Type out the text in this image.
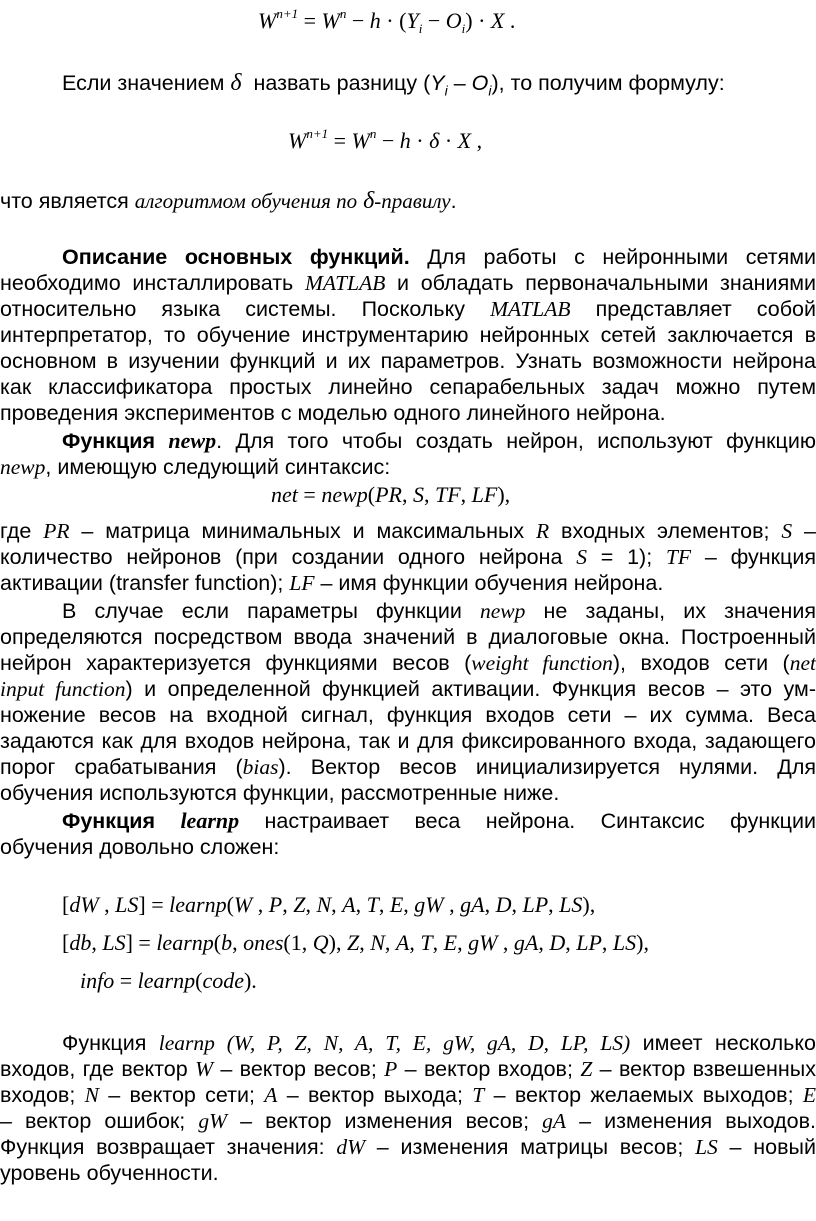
$W^{n+1} = W^n - h \cdot (Y_i - O_i) \cdot X$ .
Если значением δ назвать разницу $(Y_i - O_i)$, то получим формулу:
$W^{n+1} = W^n - h \cdot \delta \cdot X$ ,
что является алгоритмом обучения по δ-правилу.
Описание основных функций. Для работы с нейронными сетями
необходимо инсталлировать MATLAB и обладать первоначальными знаниями
относительно языка системы. Поскольку MATLAB представляет собой
интерпретатор, то обучение инструментарию нейронных сетей заключается в
основном в изучении функций и их параметров. Узнать возможности нейрона
как классификатора простых линейно сепарабельных задач можно путем
проведения экспериментов с моделью одного линейного нейрона.
Функция newp. Для того чтобы создать нейрон, используют функцию
newp, имеющую следующий синтаксис:
net = newp(PR, S, TF, LF),
где PR – матрица минимальных и максимальных R входных элементов; S –
количество нейронов (при создании одного нейрона S = 1); TF – функция
активации (transfer function); LF – имя функции обучения нейрона.
В случае если параметры функции newp не заданы, их значения
определяются посредством ввода значений в диалоговые окна. Построенный
нейрон характеризуется функциями весов (weight function), входов сети (net
input function) и определенной функцией активации. Функция весов – это ум-
ножение весов на входной сигнал, функция входов сети – их сумма. Веса
задаются как для входов нейрона, так и для фиксированного входа, задающего
порог срабатывания (bias). Вектор весов инициализируется нулями. Для
обучения используются функции, рассмотренные ниже.
Функция learnp настраивает веса нейрона. Синтаксис функции
обучения довольно сложен:
[dW , LS] = learnp(W , P, Z, N, A, T, E, gW , gA, D, LP, LS),
[db, LS] = learnp(b, ones(1, Q), Z, N, A, T, E, gW , gA, D, LP, LS),
info = learnp(code).
Функция learnp (W, P, Z, N, A, T, E, gW, gA, D, LP, LS) имеет несколько
входов, где вектор W – вектор весов; P – вектор входов; Z – вектор взвешенных
входов; N – вектор сети; A – вектор выхода; T – вектор желаемых выходов; E
– вектор ошибок; gW – вектор изменения весов; gA – изменения выходов.
Функция возвращает значения: dW – изменения матрицы весов; LS – новый
уровень обученности.
